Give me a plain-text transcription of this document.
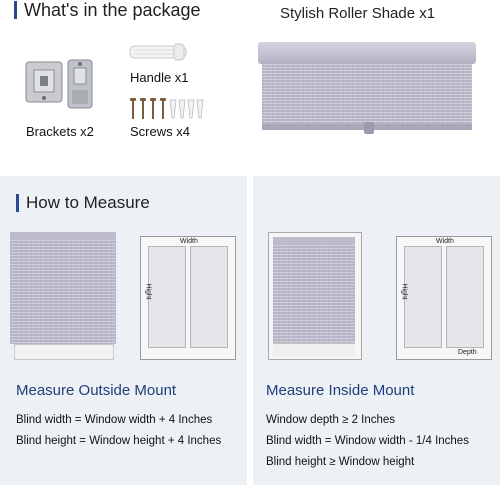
What's in the package	Stylish Roller Shade x1
Brackets x2
Handle x1
Screws x4
How to Measure
Width
Hight
Measure Outside Mount
Blind width = Window width + 4 Inches
Blind height = Window height + 4 Inches
Width
Hight
Depth
Measure Inside Mount
Window depth ≥ 2 Inches
Blind width = Window width - 1/4 Inches
Blind height ≥ Window height
